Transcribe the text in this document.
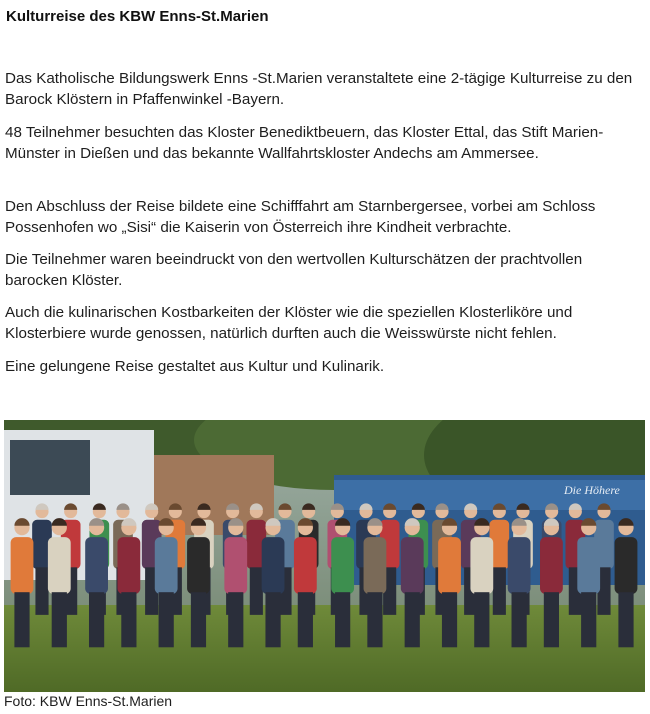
Kulturreise des KBW Enns-St.Marien

Das Katholische Bildungswerk Enns -St.Marien veranstaltete eine 2-tägige Kulturreise zu den Barock Klöstern in Pfaffenwinkel -Bayern.

48 Teilnehmer besuchten das Kloster Benediktbeuern, das Kloster Ettal, das Stift Marien-Münster in Dießen und das bekannte Wallfahrtskloster Andechs am Ammersee.

Den Abschluss der Reise bildete eine Schifffahrt am Starnbergersee, vorbei am Schloss Possenhofen wo „Sisi“ die Kaiserin von Österreich ihre Kindheit verbrachte.

Die Teilnehmer waren beeindruckt von den wertvollen Kulturschätzen der prachtvollen barocken Klöster.

Auch die kulinarischen Kostbarkeiten der Klöster wie die speziellen Klosterliköre und Klosterbiere wurde genossen, natürlich durften auch die Weisswürste nicht fehlen.

Eine gelungene Reise gestaltet aus Kultur und Kulinarik.

Die Höhere

Foto: KBW Enns-St.Marien
